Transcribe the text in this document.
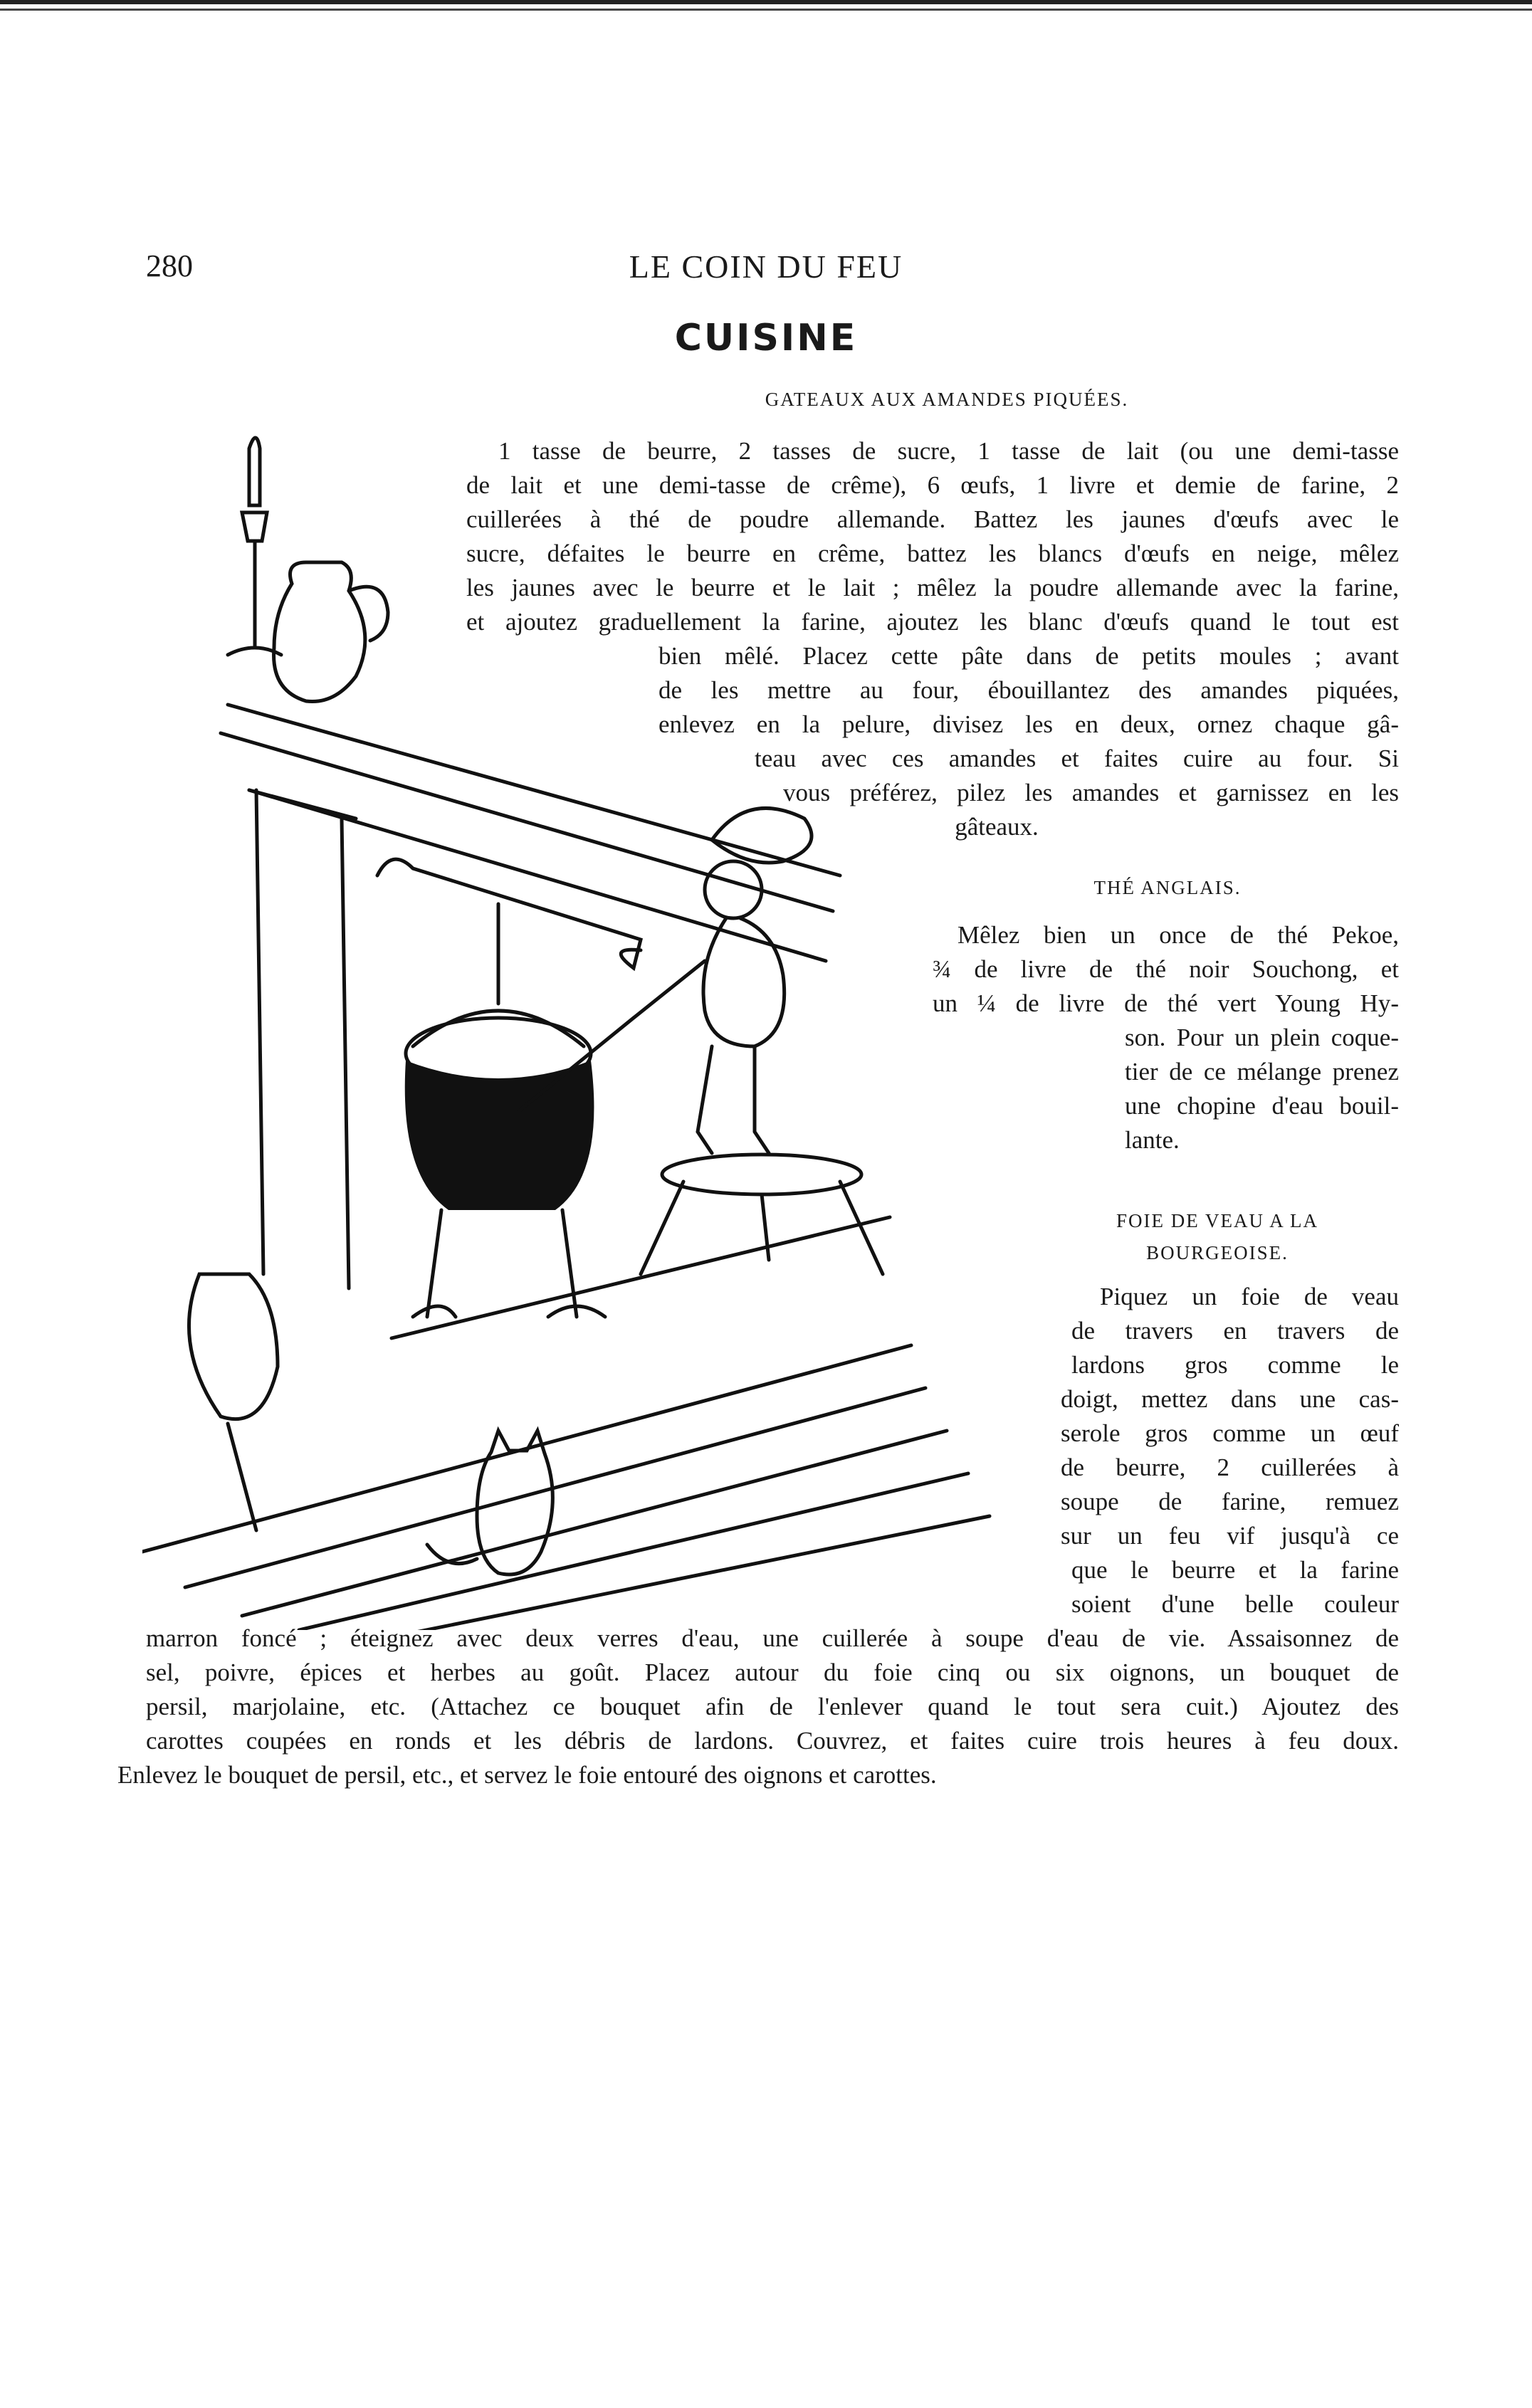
280	LE COIN DU FEU
CUISINE
GATEAUX AUX AMANDES PIQUÉES.
1 tasse de beurre, 2 tasses de sucre, 1 tasse de lait (ou une demi-tasse
de lait et une demi-tasse de crême), 6 œufs, 1 livre et demie de farine, 2
cuillerées à thé de poudre allemande. Battez les jaunes d'œufs avec le
sucre, défaites le beurre en crême, battez les blancs d'œufs en neige, mêlez
les jaunes avec le beurre et le lait ; mêlez la poudre allemande avec la farine,
et ajoutez graduellement la farine, ajoutez les blanc d'œufs quand le tout est
bien mêlé. Placez cette pâte dans de petits moules ; avant
de les mettre au four, ébouillantez des amandes piquées,
enlevez en la pelure, divisez les en deux, ornez chaque gâ-
teau avec ces amandes et faites cuire au four. Si
vous préférez, pilez les amandes et garnissez en les
gâteaux.
THÉ ANGLAIS.
Mêlez bien un once de thé Pekoe,
¾ de livre de thé noir Souchong, et
un ¼ de livre de thé vert Young Hy-
son. Pour un plein coque-
tier de ce mélange prenez
une chopine d'eau bouil-
lante.
FOIE DE VEAU A LA
BOURGEOISE.
Piquez un foie de veau
de travers en travers de
lardons gros comme le
doigt, mettez dans une cas-
serole gros comme un œuf
de beurre, 2 cuillerées à
soupe de farine, remuez
sur un feu vif jusqu'à ce
que le beurre et la farine
soient d'une belle couleur
marron foncé ; éteignez avec deux verres d'eau, une cuillerée à soupe d'eau de vie. Assaisonnez de
sel, poivre, épices et herbes au goût. Placez autour du foie cinq ou six oignons, un bouquet de
persil, marjolaine, etc. (Attachez ce bouquet afin de l'enlever quand le tout sera cuit.) Ajoutez des
carottes coupées en ronds et les débris de lardons. Couvrez, et faites cuire trois heures à feu doux.
Enlevez le bouquet de persil, etc., et servez le foie entouré des oignons et carottes.
